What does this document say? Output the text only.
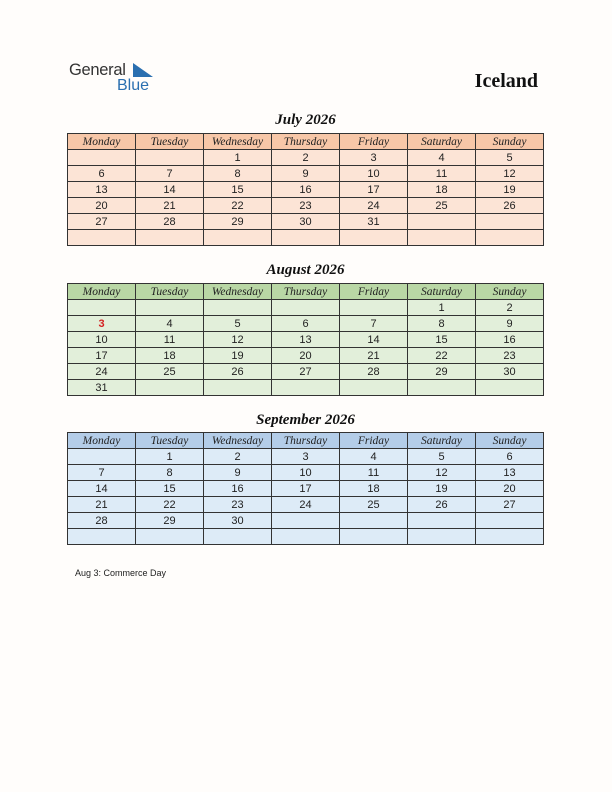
General
Blue	Iceland
July 2026
Monday	Tuesday	Wednesday	Thursday	Friday	Saturday	Sunday
		1	2	3	4	5
6	7	8	9	10	11	12
13	14	15	16	17	18	19
20	21	22	23	24	25	26
27	28	29	30	31		

August 2026
Monday	Tuesday	Wednesday	Thursday	Friday	Saturday	Sunday
					1	2
3	4	5	6	7	8	9
10	11	12	13	14	15	16
17	18	19	20	21	22	23
24	25	26	27	28	29	30
31						
September 2026
Monday	Tuesday	Wednesday	Thursday	Friday	Saturday	Sunday
	1	2	3	4	5	6
7	8	9	10	11	12	13
14	15	16	17	18	19	20
21	22	23	24	25	26	27
28	29	30				

Aug 3: Commerce Day
